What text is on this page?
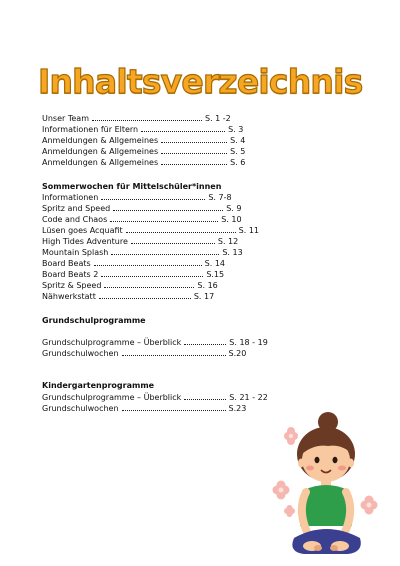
Inhaltsverzeichnis
Unser Team	S. 1 -2
Informationen für Eltern	S. 3
Anmeldungen & Allgemeines	S. 4
Anmeldungen & Allgemeines	S. 5
Anmeldungen & Allgemeines	S. 6
Sommerwochen für Mittelschüler*innen
Informationen	S. 7-8
Spritz and Speed	S. 9
Code and Chaos	S. 10
Lüsen goes Acquafit	S. 11
High Tides Adventure	S. 12
Mountain Splash	S. 13
Board Beats	S. 14
Board Beats 2	S.15
Spritz & Speed	S. 16
Nähwerkstatt	S. 17
Grundschulprogramme
Grundschulprogramme – Überblick	S. 18 - 19
Grundschulwochen	S.20
Kindergartenprogramme
Grundschulprogramme – Überblick	S. 21 - 22
Grundschulwochen	S.23
